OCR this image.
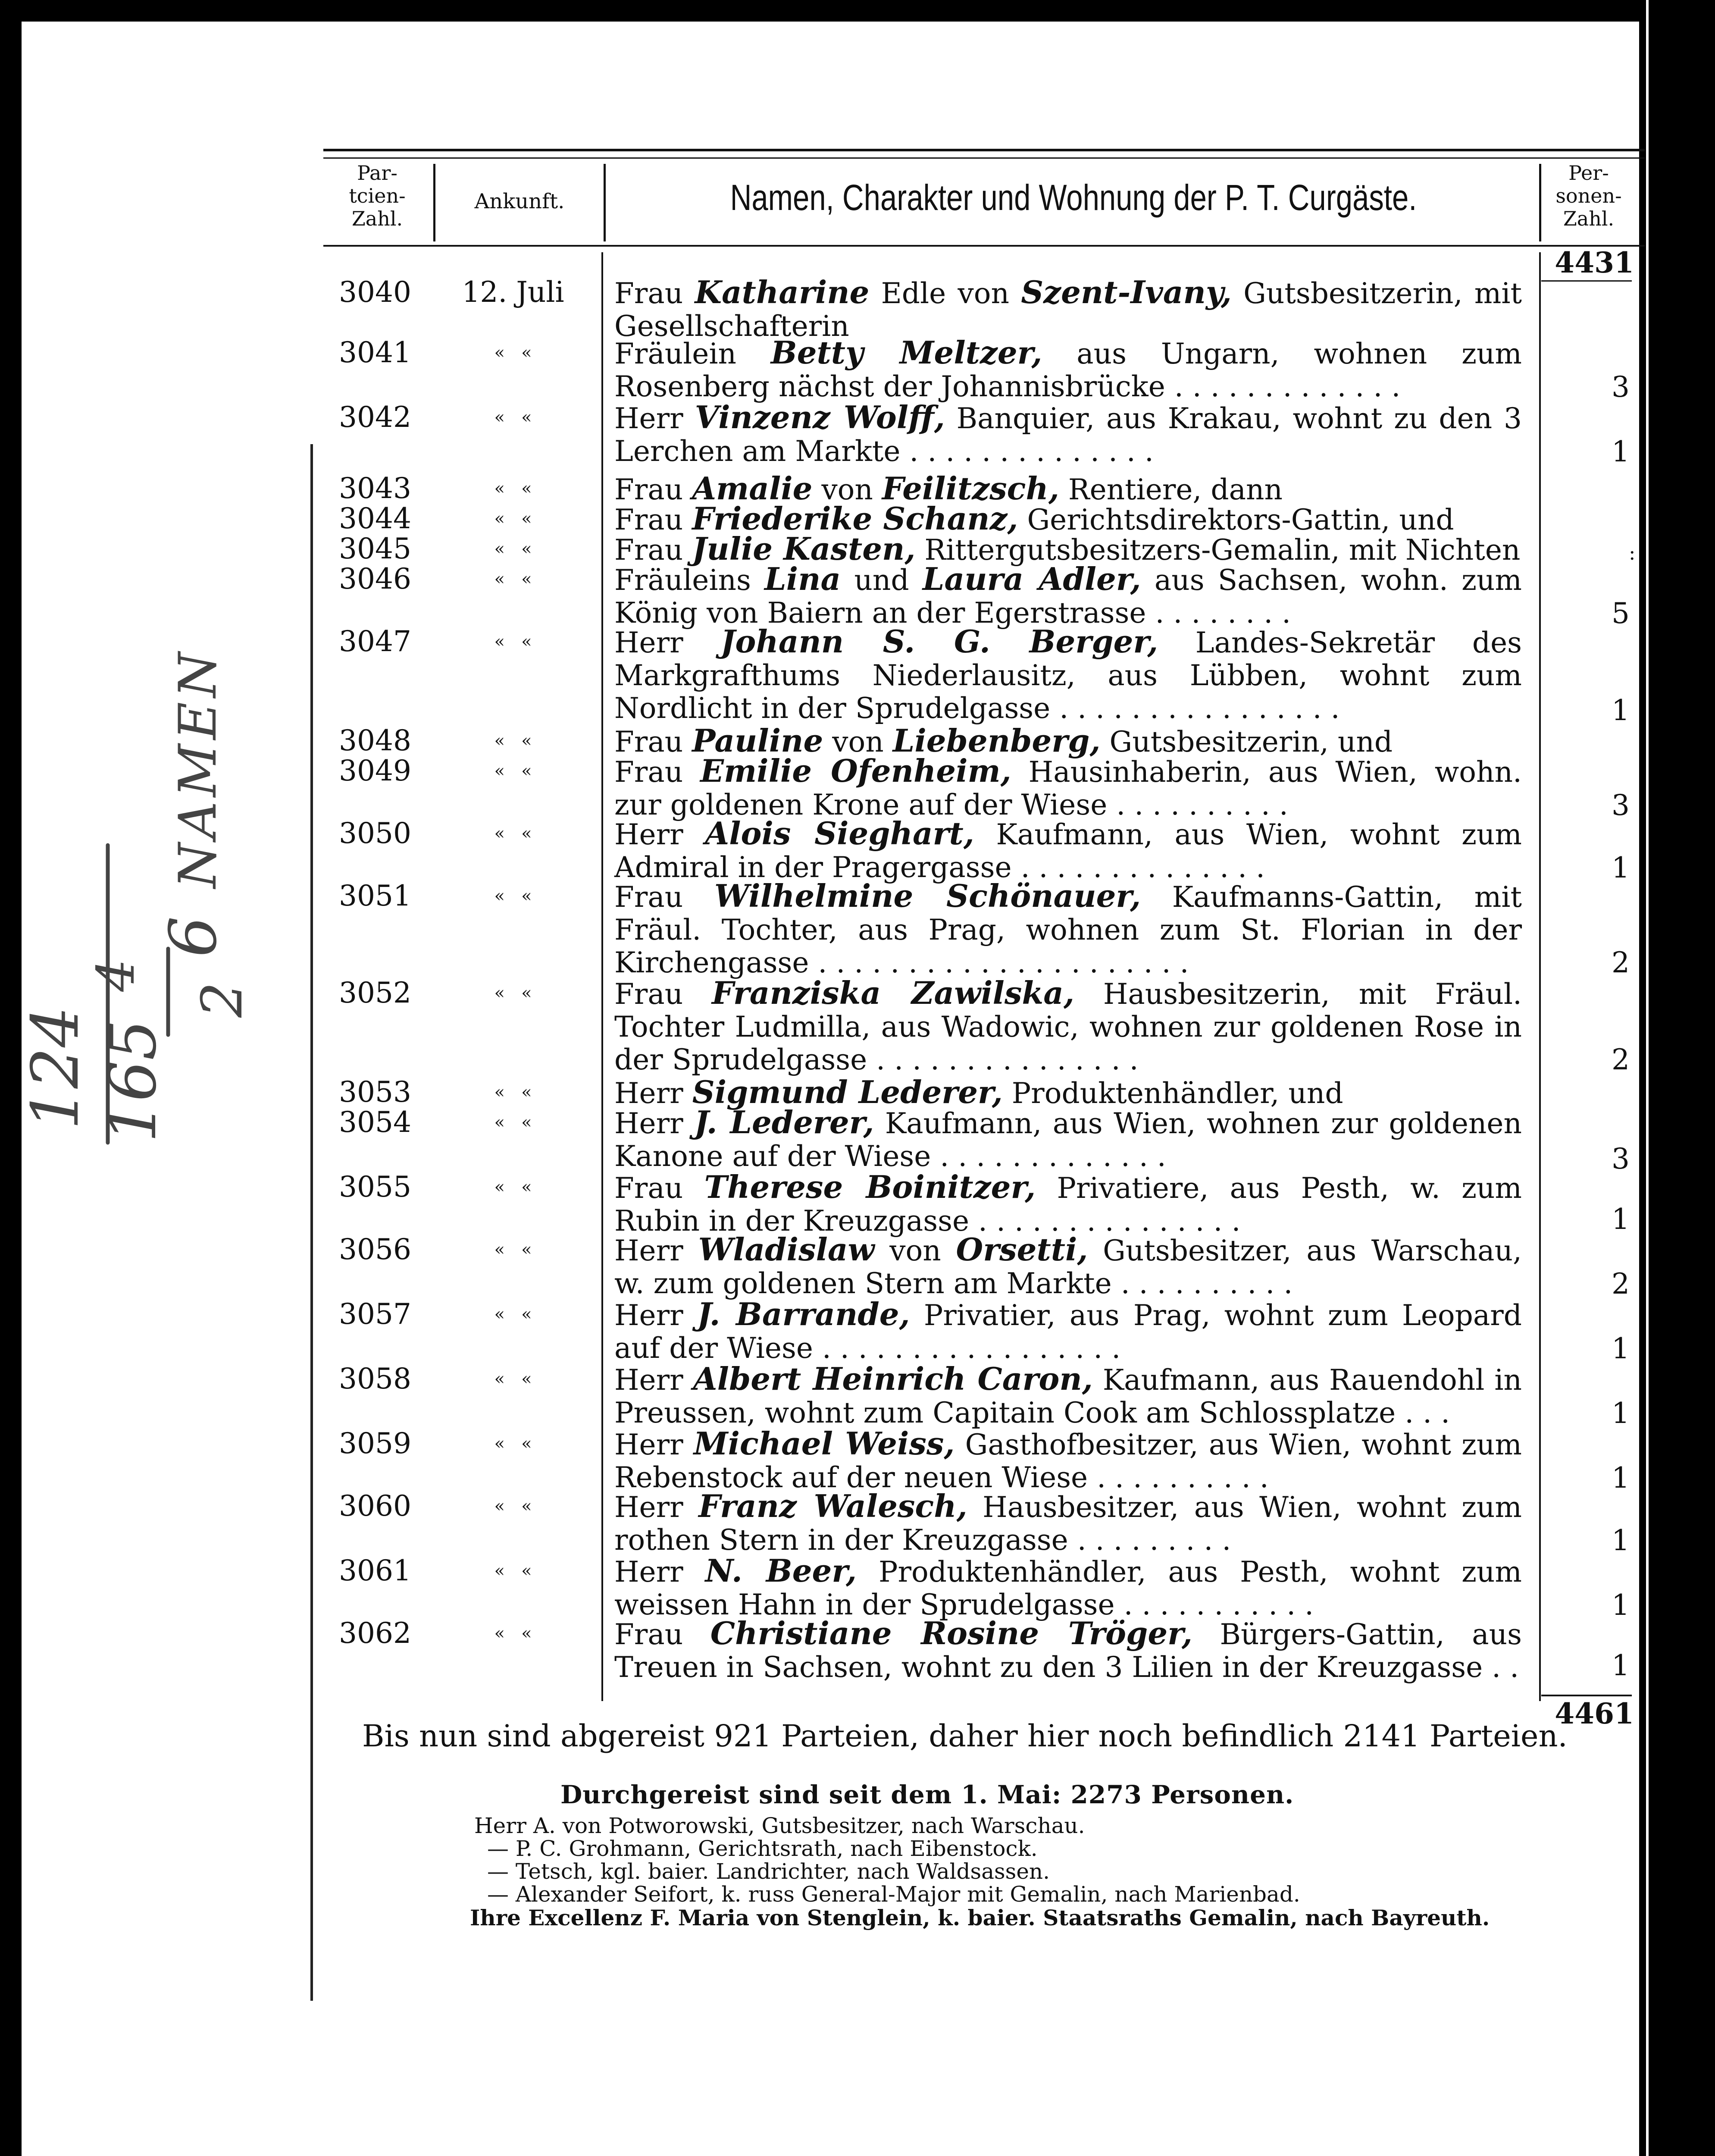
124
4
165
6
2
NAMEN
Par-
tcien-
Zahl.
Ankunft.	Namen, Charakter und Wohnung der P. T. Curgäste.
Per-
sonen-
Zahl.
4431
3040	12. Juli	Frau Katharine Edle von Szent-Ivany, Gutsbesitzerin, mit Gesellschafterin
3041	«   «	Fräulein Betty Meltzer, aus Ungarn, wohnen zum Rosenberg nächst der Johannisbrücke . . . . . . . . . . . . .	3
3042	«   «	Herr Vinzenz Wolff, Banquier, aus Krakau, wohnt zu den 3 Lerchen am Markte . . . . . . . . . . . . . .	1
3043	«   «	Frau Amalie von Feilitzsch, Rentiere, dann
3044	«   «	Frau Friederike Schanz, Gerichtsdirektors-Gattin, und
3045	«   «	Frau Julie Kasten, Rittergutsbesitzers-Gemalin, mit Nichten
3046	«   «	Fräuleins Lina und Laura Adler, aus Sachsen, wohn. zum König von Baiern an der Egerstrasse . . . . . . . .	5
3047	«   «	Herr Johann S. G. Berger, Landes-Sekretär des Markgrafthums Niederlausitz, aus Lübben, wohnt zum Nordlicht in der Sprudelgasse . . . . . . . . . . . . . . . .	1
3048	«   «	Frau Pauline von Liebenberg, Gutsbesitzerin, und
3049	«   «	Frau Emilie Ofenheim, Hausinhaberin, aus Wien, wohn. zur goldenen Krone auf der Wiese . . . . . . . . . .	3
3050	«   «	Herr Alois Sieghart, Kaufmann, aus Wien, wohnt zum Admiral in der Pragergasse . . . . . . . . . . . . . .	1
3051	«   «	Frau Wilhelmine Schönauer, Kaufmanns-Gattin, mit Fräul. Tochter, aus Prag, wohnen zum St. Florian in der Kirchengasse . . . . . . . . . . . . . . . . . . . . .	2
3052	«   «	Frau Franziska Zawilska, Hausbesitzerin, mit Fräul. Tochter Ludmilla, aus Wadowic, wohnen zur goldenen Rose in der Sprudelgasse . . . . . . . . . . . . . . .	2
3053	«   «	Herr Sigmund Lederer, Produktenhändler, und
3054	«   «	Herr J. Lederer, Kaufmann, aus Wien, wohnen zur goldenen Kanone auf der Wiese . . . . . . . . . . . . .	3
3055	«   «	Frau Therese Boinitzer, Privatiere, aus Pesth, w. zum Rubin in der Kreuzgasse . . . . . . . . . . . . . . .	1
3056	«   «	Herr Wladislaw von Orsetti, Gutsbesitzer, aus Warschau, w. zum goldenen Stern am Markte . . . . . . . . . .	2
3057	«   «	Herr J. Barrande, Privatier, aus Prag, wohnt zum Leopard auf der Wiese . . . . . . . . . . . . . . . . .	1
3058	«   «	Herr Albert Heinrich Caron, Kaufmann, aus Rauendohl in Preussen, wohnt zum Capitain Cook am Schlossplatze . . .	1
3059	«   «	Herr Michael Weiss, Gasthofbesitzer, aus Wien, wohnt zum Rebenstock auf der neuen Wiese . . . . . . . . . .	1
3060	«   «	Herr Franz Walesch, Hausbesitzer, aus Wien, wohnt zum rothen Stern in der Kreuzgasse . . . . . . . . .	1
3061	«   «	Herr N. Beer, Produktenhändler, aus Pesth, wohnt zum weissen Hahn in der Sprudelgasse . . . . . . . . . . .	1
3062	«   «	Frau Christiane Rosine Tröger, Bürgers-Gattin, aus Treuen in Sachsen, wohnt zu den 3 Lilien in der Kreuzgasse . .	1
4461
Bis nun sind abgereist 921 Parteien, daher hier noch befindlich 2141 Parteien.
Durchgereist sind seit dem 1. Mai: 2273 Personen.
Herr A. von Potworowski, Gutsbesitzer, nach Warschau.
— P. C. Grohmann, Gerichtsrath, nach Eibenstock.
— Tetsch, kgl. baier. Landrichter, nach Waldsassen.
— Alexander Seifort, k. russ General-Major mit Gemalin, nach Marienbad.
Ihre Excellenz F. Maria von Stenglein, k. baier. Staatsraths Gemalin, nach Bayreuth.
:
